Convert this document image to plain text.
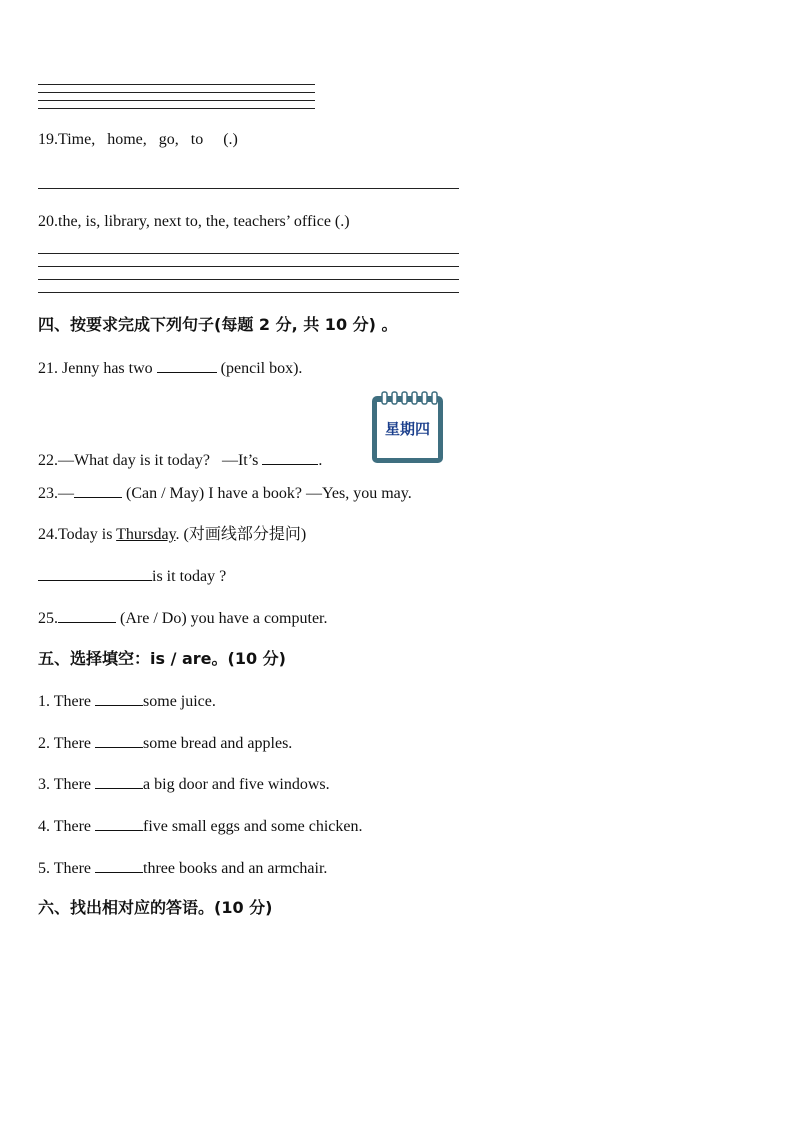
19.Time,   home,   go,   to     (.)
20.the, is, library, next to, the, teachers’ office (.)
四、按要求完成下列句子(每题 2 分, 共 10 分) 。
21. Jenny has two	(pencil box).
星期四
22.—What day is it today?   —It’s	.
23.—	(Can / May) I have a book? —Yes, you may.
24.Today is Thursday. (对画线部分提问)
is it today ?
25.	(Are / Do) you have a computer.
五、选择填空：is / are。(10 分)
1. There	some juice.
2. There	some bread and apples.
3. There	a big door and five windows.
4. There	five small eggs and some chicken.
5. There	three books and an armchair.
六、找出相对应的答语。(10 分)
